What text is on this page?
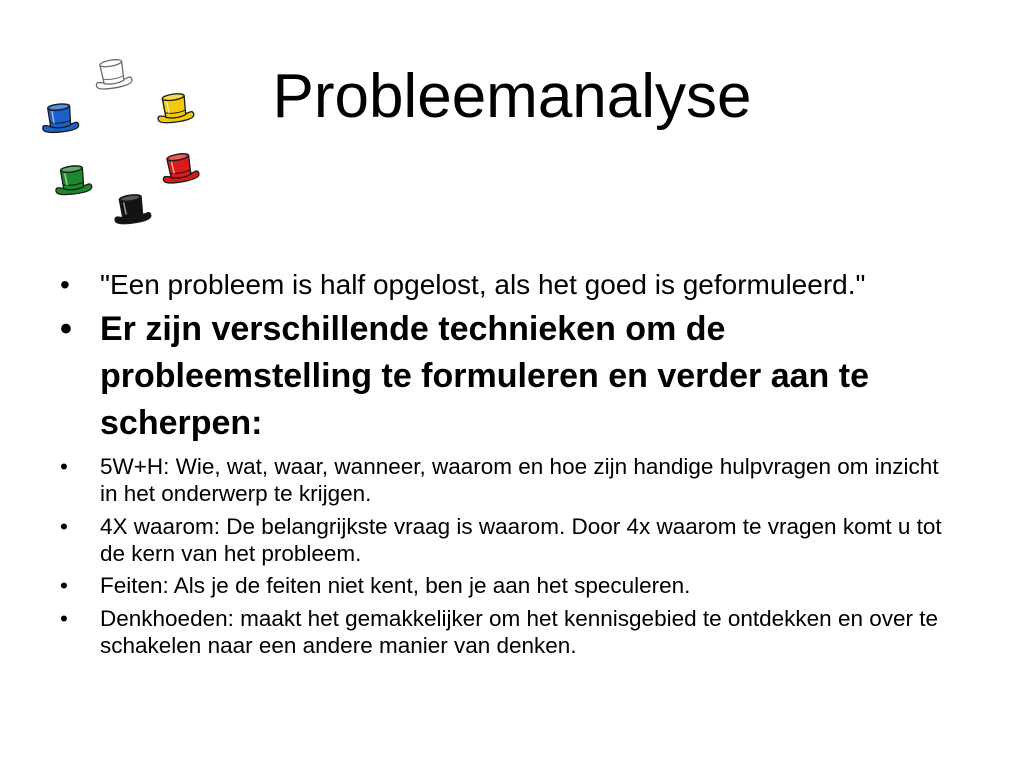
Probleemanalyse
•	"Een probleem is half opgelost, als het goed is geformuleerd."
• Er zijn verschillende technieken om de probleemstelling te formuleren en verder aan te scherpen:
•	5W+H: Wie, wat, waar, wanneer, waarom en hoe zijn handige hulpvragen om inzicht in het onderwerp te krijgen.
•	4X waarom: De belangrijkste vraag is waarom. Door 4x waarom te vragen komt u tot de kern van het probleem.
•	Feiten: Als je de feiten niet kent, ben je aan het speculeren.
•	Denkhoeden: maakt het gemakkelijker om het kennisgebied te ontdekken en over te schakelen naar een andere manier van denken.
